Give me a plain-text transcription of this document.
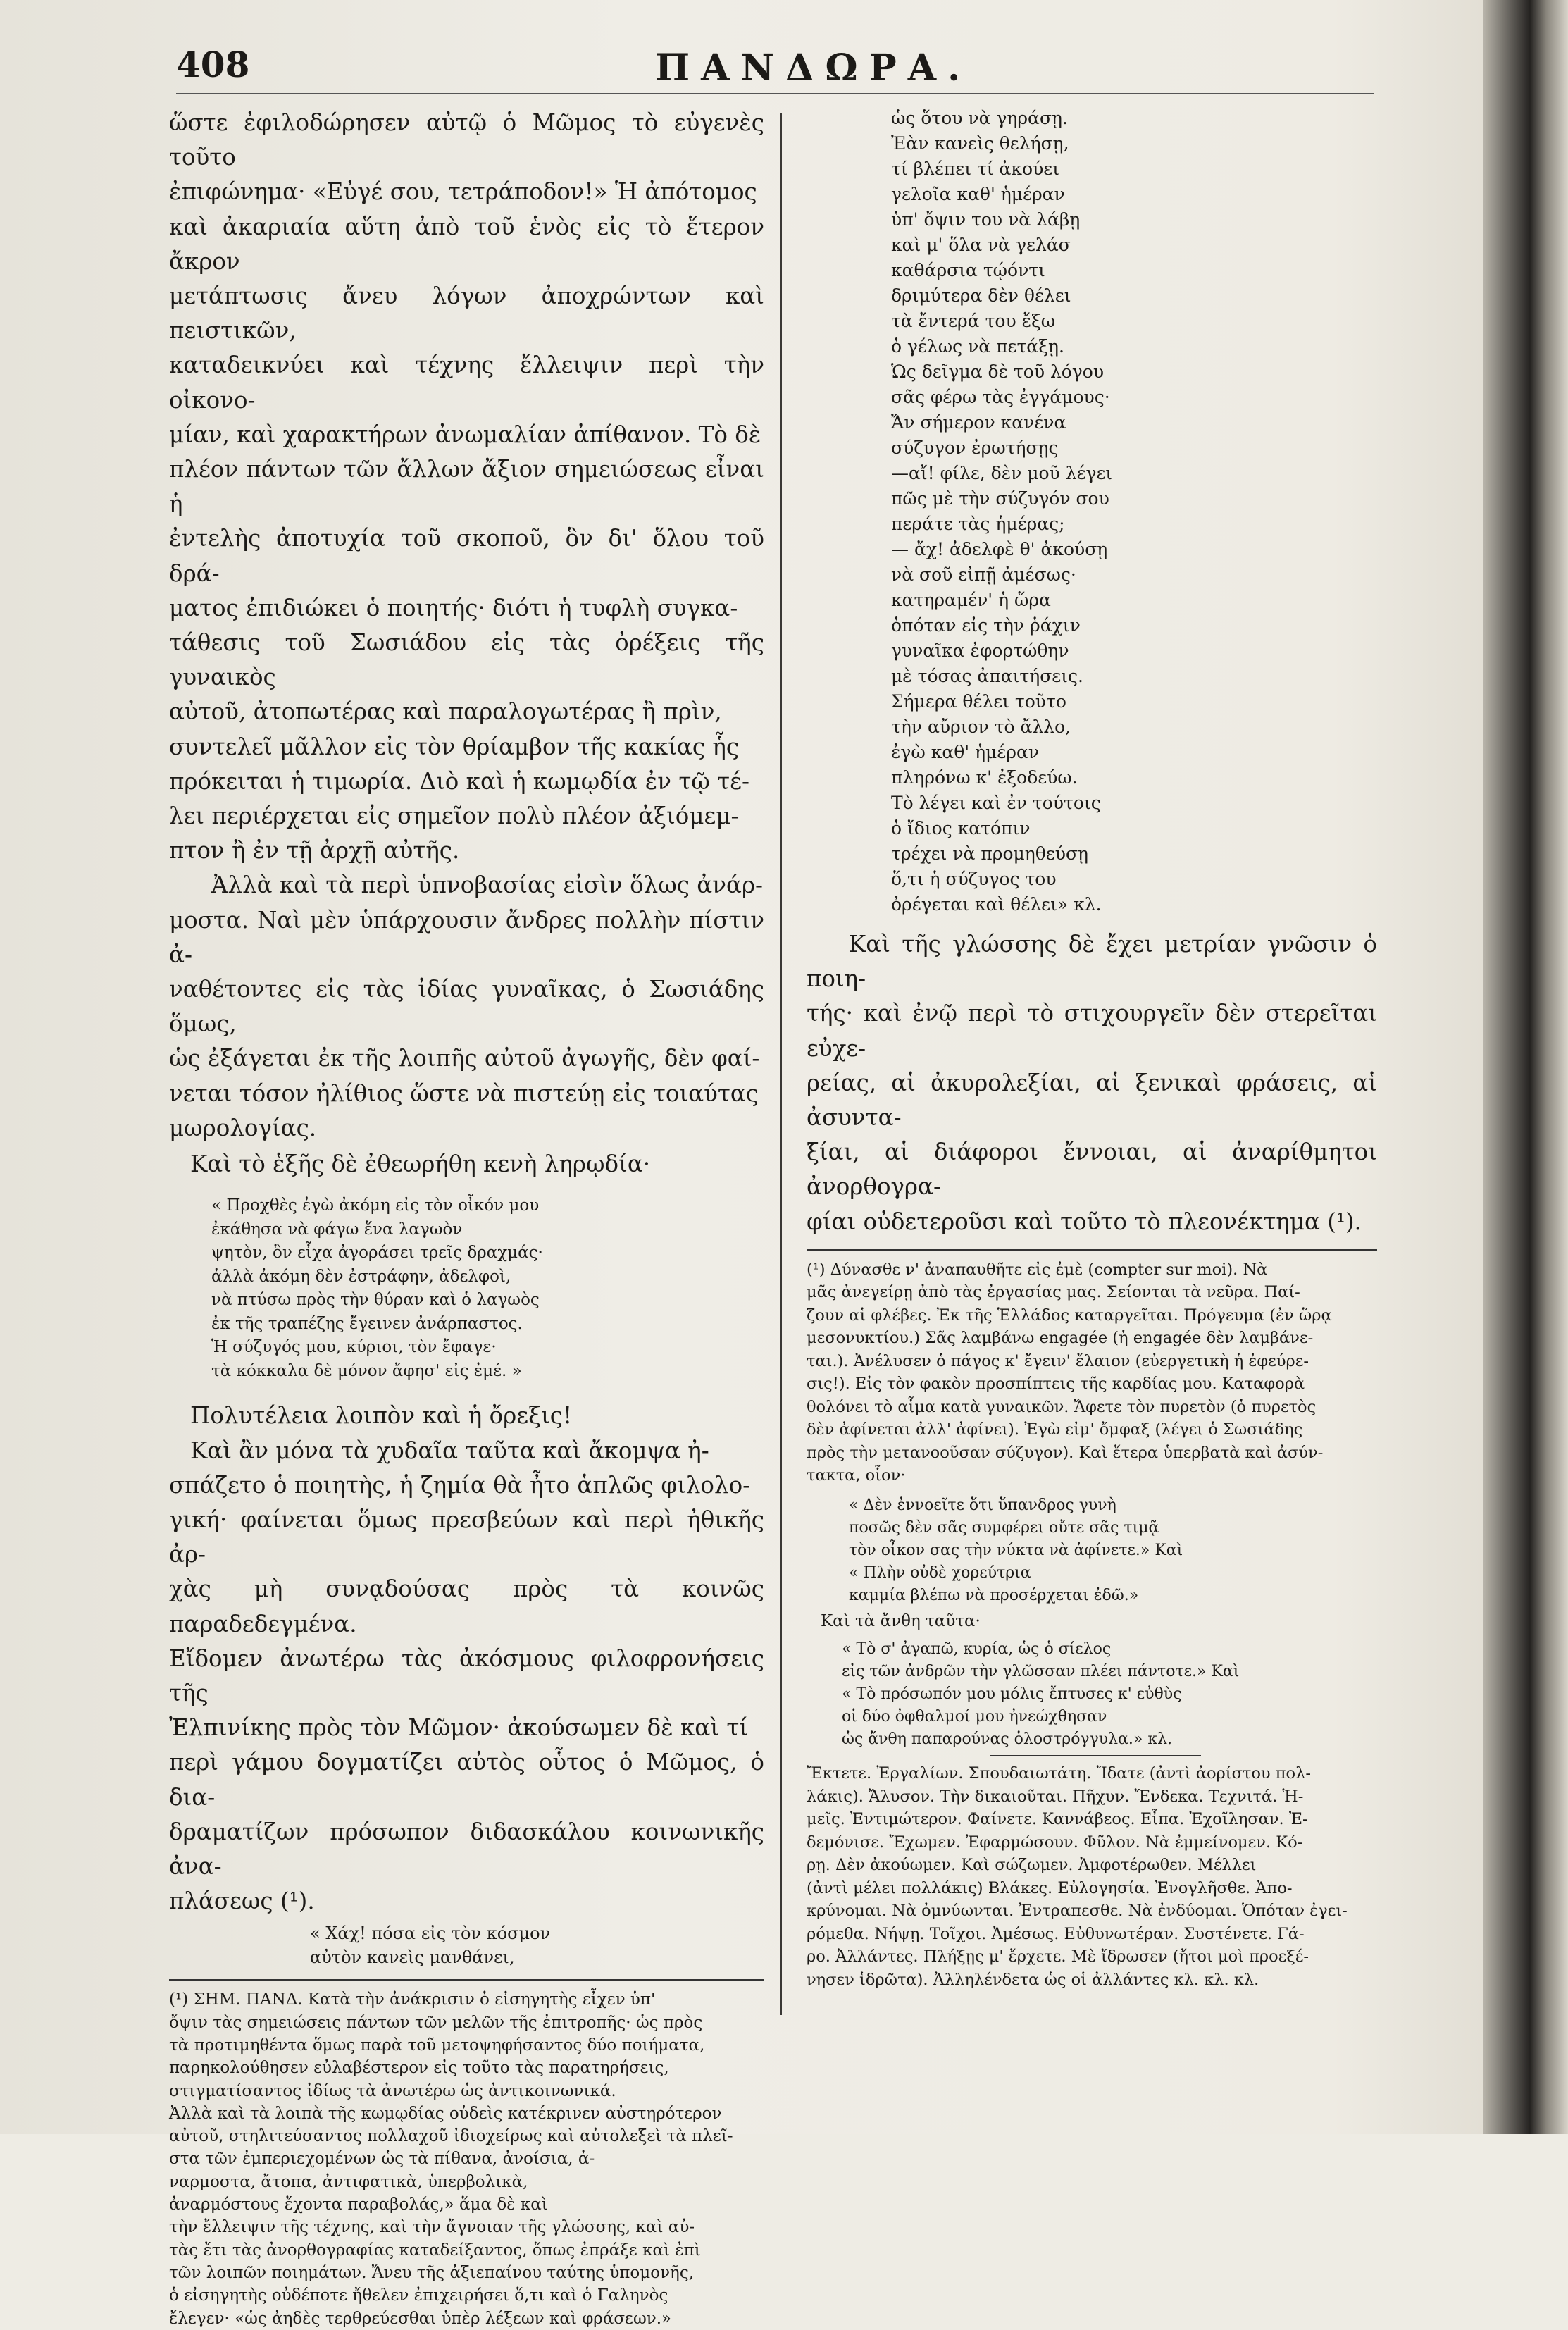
408	ΠΑΝΔΩΡΑ.

ὥστε ἐφιλοδώρησεν αὐτῷ ὁ Μῶμος τὸ εὐγενὲς τοῦτο
ἐπιφώνημα· «Εὐγέ σου, τετράποδον!» Ἡ ἀπότομος
καὶ ἀκαριαία αὕτη ἀπὸ τοῦ ἑνὸς εἰς τὸ ἕτερον ἄκρον
μετάπτωσις ἄνευ λόγων ἀποχρώντων καὶ πειστικῶν,
καταδεικνύει καὶ τέχνης ἔλλειψιν περὶ τὴν οἰκονο-
μίαν, καὶ χαρακτήρων ἀνωμαλίαν ἀπίθανον. Τὸ δὲ
πλέον πάντων τῶν ἄλλων ἄξιον σημειώσεως εἶναι ἡ
ἐντελὴς ἀποτυχία τοῦ σκοποῦ, ὃν δι' ὅλου τοῦ δρά-
ματος ἐπιδιώκει ὁ ποιητής· διότι ἡ τυφλὴ συγκα-
τάθεσις τοῦ Σωσιάδου εἰς τὰς ὀρέξεις τῆς γυναικὸς
αὐτοῦ, ἀτοπωτέρας καὶ παραλογωτέρας ἢ πρὶν,
συντελεῖ μᾶλλον εἰς τὸν θρίαμβον τῆς κακίας ἧς
πρόκειται ἡ τιμωρία. Διὸ καὶ ἡ κωμῳδία ἐν τῷ τέ-
λει περιέρχεται εἰς σημεῖον πολὺ πλέον ἀξιόμεμ-
πτον ἢ ἐν τῇ ἀρχῇ αὐτῆς.

Ἀλλὰ καὶ τὰ περὶ ὑπνοβασίας εἰσὶν ὅλως ἀνάρ-
μοστα. Ναὶ μὲν ὑπάρχουσιν ἄνδρες πολλὴν πίστιν ἀ-
ναθέτοντες εἰς τὰς ἰδίας γυναῖκας, ὁ Σωσιάδης ὅμως,
ὡς ἐξάγεται ἐκ τῆς λοιπῆς αὐτοῦ ἀγωγῆς, δὲν φαί-
νεται τόσον ἠλίθιος ὥστε νὰ πιστεύῃ εἰς τοιαύτας
μωρολογίας.

Καὶ τὸ ἑξῆς δὲ ἐθεωρήθη κενὴ ληρῳδία·

« Προχθὲς ἐγὼ ἀκόμη εἰς τὸν οἶκόν μου
ἐκάθησα νὰ φάγω ἕνα λαγωὸν
ψητὸν, ὃν εἶχα ἀγοράσει τρεῖς δραχμάς·
ἀλλὰ ἀκόμη δὲν ἐστράφην, ἀδελφοὶ,
νὰ πτύσω πρὸς τὴν θύραν καὶ ὁ λαγωὸς
ἐκ τῆς τραπέζης ἔγεινεν ἀνάρπαστος.
Ἡ σύζυγός μου, κύριοι, τὸν ἔφαγε·
τὰ κόκκαλα δὲ μόνον ἄφησ' εἰς ἐμέ. »

Πολυτέλεια λοιπὸν καὶ ἡ ὄρεξις!

Καὶ ἂν μόνα τὰ χυδαῖα ταῦτα καὶ ἄκομψα ἠ-
σπάζετο ὁ ποιητὴς, ἡ ζημία θὰ ἦτο ἁπλῶς φιλολο-
γική· φαίνεται ὅμως πρεσβεύων καὶ περὶ ἠθικῆς ἀρ-
χὰς μὴ συνᾳδούσας πρὸς τὰ κοινῶς παραδεδεγμένα.
Εἴδομεν ἀνωτέρω τὰς ἀκόσμους φιλοφρονήσεις τῆς
Ἐλπινίκης πρὸς τὸν Μῶμον· ἀκούσωμεν δὲ καὶ τί
περὶ γάμου δογματίζει αὐτὸς οὗτος ὁ Μῶμος, ὁ δια-
δραματίζων πρόσωπον διδασκάλου κοινωνικῆς ἀνα-
πλάσεως (¹).

« Χάχ! πόσα εἰς τὸν κόσμον
αὐτὸν κανεὶς μανθάνει,

(¹) ΣΗΜ. ΠΑΝΔ. Κατὰ τὴν ἀνάκρισιν ὁ εἰσηγητὴς εἶχεν ὑπ'
ὄψιν τὰς σημειώσεις πάντων τῶν μελῶν τῆς ἐπιτροπῆς· ὡς πρὸς
τὰ προτιμηθέντα ὅμως παρὰ τοῦ μετοψηφήσαντος δύο ποιήματα,
παρηκολούθησεν εὐλαβέστερον εἰς τοῦτο τὰς παρατηρήσεις,
στιγματίσαντος ἰδίως τὰ ἀνωτέρω ὡς ἀντικοινωνικά.
Ἀλλὰ καὶ τὰ λοιπὰ τῆς κωμῳδίας οὐδεὶς κατέκρινεν αὐστηρότερον
αὐτοῦ, στηλιτεύσαντος πολλαχοῦ ἰδιοχείρως καὶ αὐτολεξεὶ τὰ πλεῖ-
στα τῶν ἐμπεριεχομένων ὡς τὰ πίθανα, ἀνοίσια, ἀ-
ναρμοστα, ἄτοπα, ἀντιφατικὰ, ὑπερβολικὰ,
ἀναρμόστους ἔχοντα παραβολάς,» ἅμα δὲ καὶ
τὴν ἔλλειψιν τῆς τέχνης, καὶ τὴν ἄγνοιαν τῆς γλώσσης, καὶ αὐ-
τὰς ἔτι τὰς ἀνορθογραφίας καταδείξαντος, ὅπως ἐπράξε καὶ ἐπὶ
τῶν λοιπῶν ποιημάτων. Ἄνευ τῆς ἀξιεπαίνου ταύτης ὑπομονῆς,
ὁ εἰσηγητὴς οὐδέποτε ἤθελεν ἐπιχειρήσει ὅ,τι καὶ ὁ Γαληνὸς
ἔλεγεν· «ὡς ἀηδὲς τερθρεύεσθαι ὑπὲρ λέξεων καὶ φράσεων.»

ὡς ὅτου νὰ γηράσῃ.
Ἐὰν κανεὶς θελήσῃ,
τί βλέπει τί ἀκούει
γελοῖα καθ' ἡμέραν
ὑπ' ὄψιν του νὰ λάβῃ
καὶ μ' ὅλα νὰ γελάσ
καθάρσια τῴόντι
δριμύτερα δὲν θέλει
τὰ ἔντερά του ἔξω
ὁ γέλως νὰ πετάξῃ.
Ὡς δεῖγμα δὲ τοῦ λόγου
σᾶς φέρω τὰς ἐγγάμους·
Ἄν σήμερον κανένα
σύζυγον ἐρωτήσῃς
—αἴ! φίλε, δὲν μοῦ λέγει
πῶς μὲ τὴν σύζυγόν σου
περάτε τὰς ἡμέρας;
— ἄχ! ἀδελφὲ θ' ἀκούσῃ
νὰ σοῦ εἰπῇ ἀμέσως·
κατηραμέν' ἡ ὥρα
ὁπόταν εἰς τὴν ῥάχιν
γυναῖκα ἐφορτώθην
μὲ τόσας ἀπαιτήσεις.
Σήμερα θέλει τοῦτο
τὴν αὔριον τὸ ἄλλο,
ἐγὼ καθ' ἡμέραν
πληρόνω κ' ἐξοδεύω.
Τὸ λέγει καὶ ἐν τούτοις
ὁ ἴδιος κατόπιν
τρέχει νὰ προμηθεύσῃ
ὅ,τι ἡ σύζυγος του
ὀρέγεται καὶ θέλει» κλ.

Καὶ τῆς γλώσσης δὲ ἔχει μετρίαν γνῶσιν ὁ ποιη-
τής· καὶ ἐνῷ περὶ τὸ στιχουργεῖν δὲν στερεῖται εὐχε-
ρείας, αἱ ἀκυρολεξίαι, αἱ ξενικαὶ φράσεις, αἱ ἀσυντα-
ξίαι, αἱ διάφοροι ἔννοιαι, αἱ ἀναρίθμητοι ἀνορθογρα-
φίαι οὐδετεροῦσι καὶ τοῦτο τὸ πλεονέκτημα (¹).

(¹) Δύνασθε ν' ἀναπαυθῆτε εἰς ἐμὲ (compter sur moi). Νὰ
μᾶς ἀνεγείρῃ ἀπὸ τὰς ἐργασίας μας. Σείονται τὰ νεῦρα. Παί-
ζουν αἱ φλέβες. Ἐκ τῆς Ἑλλάδος καταργεῖται. Πρόγευμα (ἐν ὥρᾳ
μεσονυκτίου.) Σᾶς λαμβάνω engagée (ἡ engagée δὲν λαμβάνε-
ται.). Ἀνέλυσεν ὁ πάγος κ' ἔγειν' ἔλαιον (εὐεργετικὴ ἡ ἐφεύρε-
σις!). Εἰς τὸν φακὸν προσπίπτεις τῆς καρδίας μου. Καταφορὰ
θολόνει τὸ αἷμα κατὰ γυναικῶν. Ἄφετε τὸν πυρετὸν (ὁ πυρετὸς
δὲν ἀφίνεται ἀλλ' ἀφίνει). Ἐγὼ εἰμ' ὄμφαξ (λέγει ὁ Σωσιάδης
πρὸς τὴν μετανοοῦσαν σύζυγον). Καὶ ἕτερα ὑπερβατὰ καὶ ἀσύν-
τακτα, οἷον·

« Δὲν ἐννοεῖτε ὅτι ὕπανδρος γυνὴ
ποσῶς δὲν σᾶς συμφέρει οὔτε σᾶς τιμᾷ
τὸν οἶκον σας τὴν νύκτα νὰ ἀφίνετε.» Καὶ
« Πλὴν οὐδὲ χορεύτρια
καμμία βλέπω νὰ προσέρχεται ἐδῶ.»

Καὶ τὰ ἄνθη ταῦτα·

« Τὸ σ' ἀγαπῶ, κυρία, ὡς ὁ σίελος
εἰς τῶν ἀνδρῶν τὴν γλῶσσαν πλέει πάντοτε.» Καὶ
« Τὸ πρόσωπόν μου μόλις ἔπτυσες κ' εὐθὺς
οἱ δύο ὀφθαλμοί μου ἠνεώχθησαν
ὡς ἄνθη παπαρούνας ὁλοστρόγγυλα.» κλ.

Ἔκτετε. Ἐργαλίων. Σπουδαιωτάτη. Ἴδατε (ἀντὶ ἀορίστου πολ-
λάκις). Ἄλυσον. Τὴν δικαιοῦται. Πῆχυν. Ἔνδεκα. Τεχνιτά. Ἡ-
μεῖς. Ἐντιμώτερον. Φαίνετε. Καννάβεος. Εἶπα. Ἐχοῖλησαν. Ἐ-
δεμόνισε. Ἔχωμεν. Ἐφαρμώσουν. Φῦλον. Νὰ ἐμμείνομεν. Κό-
ρῃ. Δὲν ἀκούωμεν. Καὶ σώζωμεν. Ἀμφοτέρωθεν. Μέλλει
(ἀντὶ μέλει πολλάκις) Βλάκες. Εὐλογησία. Ἐνογλῆσθε. Ἀπο-
κρύνομαι. Νὰ ὀμνύωνται. Ἐντραπεσθε. Νὰ ἐνδύομαι. Ὁπόταν ἐγει-
ρόμεθα. Νήψῃ. Τοῖχοι. Ἀμέσως. Εὐθυνωτέραν. Συστένετε. Γά-
ρο. Ἀλλάντες. Πλήξῃς μ' ἔρχετε. Μὲ ἴδρωσεν (ἤτοι μοὶ προεξέ-
νησεν ἱδρῶτα). Ἀλληλένδετα ὡς οἱ ἀλλάντες κλ. κλ. κλ.
